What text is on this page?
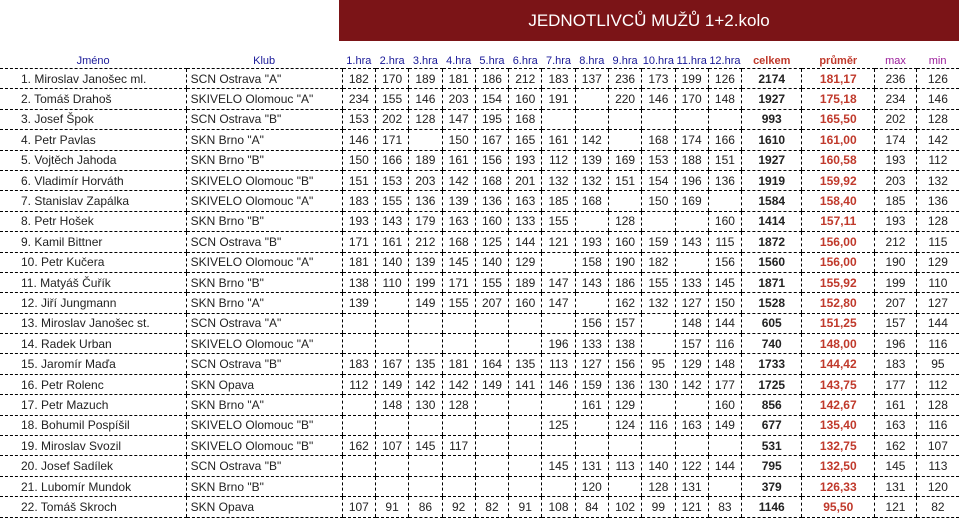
JEDNOTLIVCŮ MUŽŮ 1+2.kolo
Jméno	Klub	1.hra	2.hra	3.hra	4.hra	5.hra	6.hra	7.hra	8.hra	9.hra	10.hra	11.hra	12.hra	celkem	průměr	max	min
1. Miroslav Janošec ml.	SCN Ostrava "A"	182	170	189	181	186	212	183	137	236	173	199	126	2174	181,17	236	126
2. Tomáš Drahoš	SKIVELO Olomouc "A"	234	155	146	203	154	160	191		220	146	170	148	1927	175,18	234	146
3. Josef Špok	SCN Ostrava "B"	153	202	128	147	195	168							993	165,50	202	128
4. Petr Pavlas	SKN Brno "A"	146	171		150	167	165	161	142		168	174	166	1610	161,00	174	142
5. Vojtěch Jahoda	SKN Brno "B"	150	166	189	161	156	193	112	139	169	153	188	151	1927	160,58	193	112
6. Vladimír Horváth	SKIVELO Olomouc "B"	151	153	203	142	168	201	132	132	151	154	196	136	1919	159,92	203	132
7. Stanislav Zapálka	SKIVELO Olomouc "A"	183	155	136	139	136	163	185	168		150	169		1584	158,40	185	136
8. Petr Hošek	SKN Brno "B"	193	143	179	163	160	133	155		128			160	1414	157,11	193	128
9. Kamil Bittner	SCN Ostrava "B"	171	161	212	168	125	144	121	193	160	159	143	115	1872	156,00	212	115
10. Petr Kučera	SKIVELO Olomouc "A"	181	140	139	145	140	129		158	190	182		156	1560	156,00	190	129
11. Matyáš Čuřík	SKN Brno "B"	138	110	199	171	155	189	147	143	186	155	133	145	1871	155,92	199	110
12. Jiří Jungmann	SKN Brno "A"	139		149	155	207	160	147		162	132	127	150	1528	152,80	207	127
13. Miroslav Janošec st.	SCN Ostrava "A"								156	157		148	144	605	151,25	157	144
14. Radek Urban	SKIVELO Olomouc "A"							196	133	138		157	116	740	148,00	196	116
15. Jaromír Maďa	SCN Ostrava "B"	183	167	135	181	164	135	113	127	156	95	129	148	1733	144,42	183	95
16. Petr Rolenc	SKN Opava	112	149	142	142	149	141	146	159	136	130	142	177	1725	143,75	177	112
17. Petr Mazuch	SKN Brno "A"		148	130	128				161	129			160	856	142,67	161	128
18. Bohumil Pospíšil	SKIVELO Olomouc "B"							125		124	116	163	149	677	135,40	163	116
19. Miroslav Svozil	SKIVELO Olomouc "B"	162	107	145	117									531	132,75	162	107
20. Josef Sadílek	SCN Ostrava "B"							145	131	113	140	122	144	795	132,50	145	113
21. Lubomír Mundok	SKN Brno "B"								120		128	131		379	126,33	131	120
22. Tomáš Skroch	SKN Opava	107	91	86	92	82	91	108	84	102	99	121	83	1146	95,50	121	82
